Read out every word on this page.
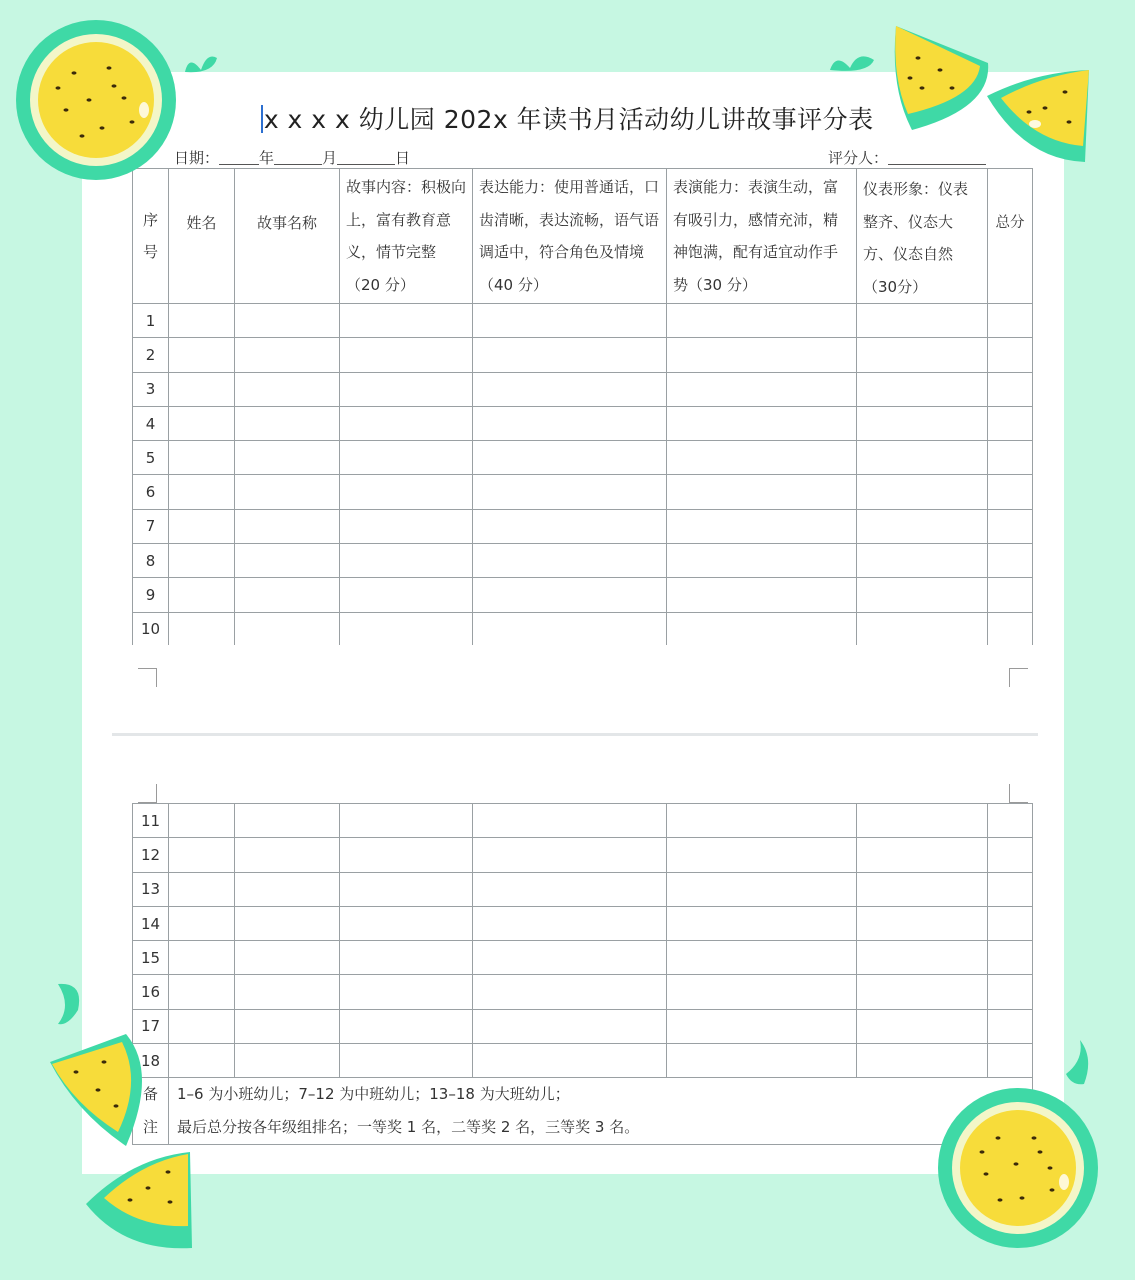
x x x x 幼儿园 202x 年读书月活动幼儿讲故事评分表
日期：	年	月	日	评分人：
序号	姓名	故事名称	故事内容：积极向上，富有教育意义，情节完整（20 分）	表达能力：使用普通话，口齿清晰，表达流畅，语气语调适中，符合角色及情境（40 分）	表演能力：表演生动，富有吸引力，感情充沛，精神饱满，配有适宜动作手势（30 分）	仪表形象：仪表整齐、仪态大方、仪态自然（30分）	总分
1							
2							
3							
4							
5							
6							
7							
8							
9							
10							
11							
12							
13							
14							
15							
16							
17							
18							

备注	1–6 为小班幼儿；7–12 为中班幼儿；13–18 为大班幼儿；
最后总分按各年级组排名；一等奖 1 名，二等奖 2 名，三等奖 3 名。						
